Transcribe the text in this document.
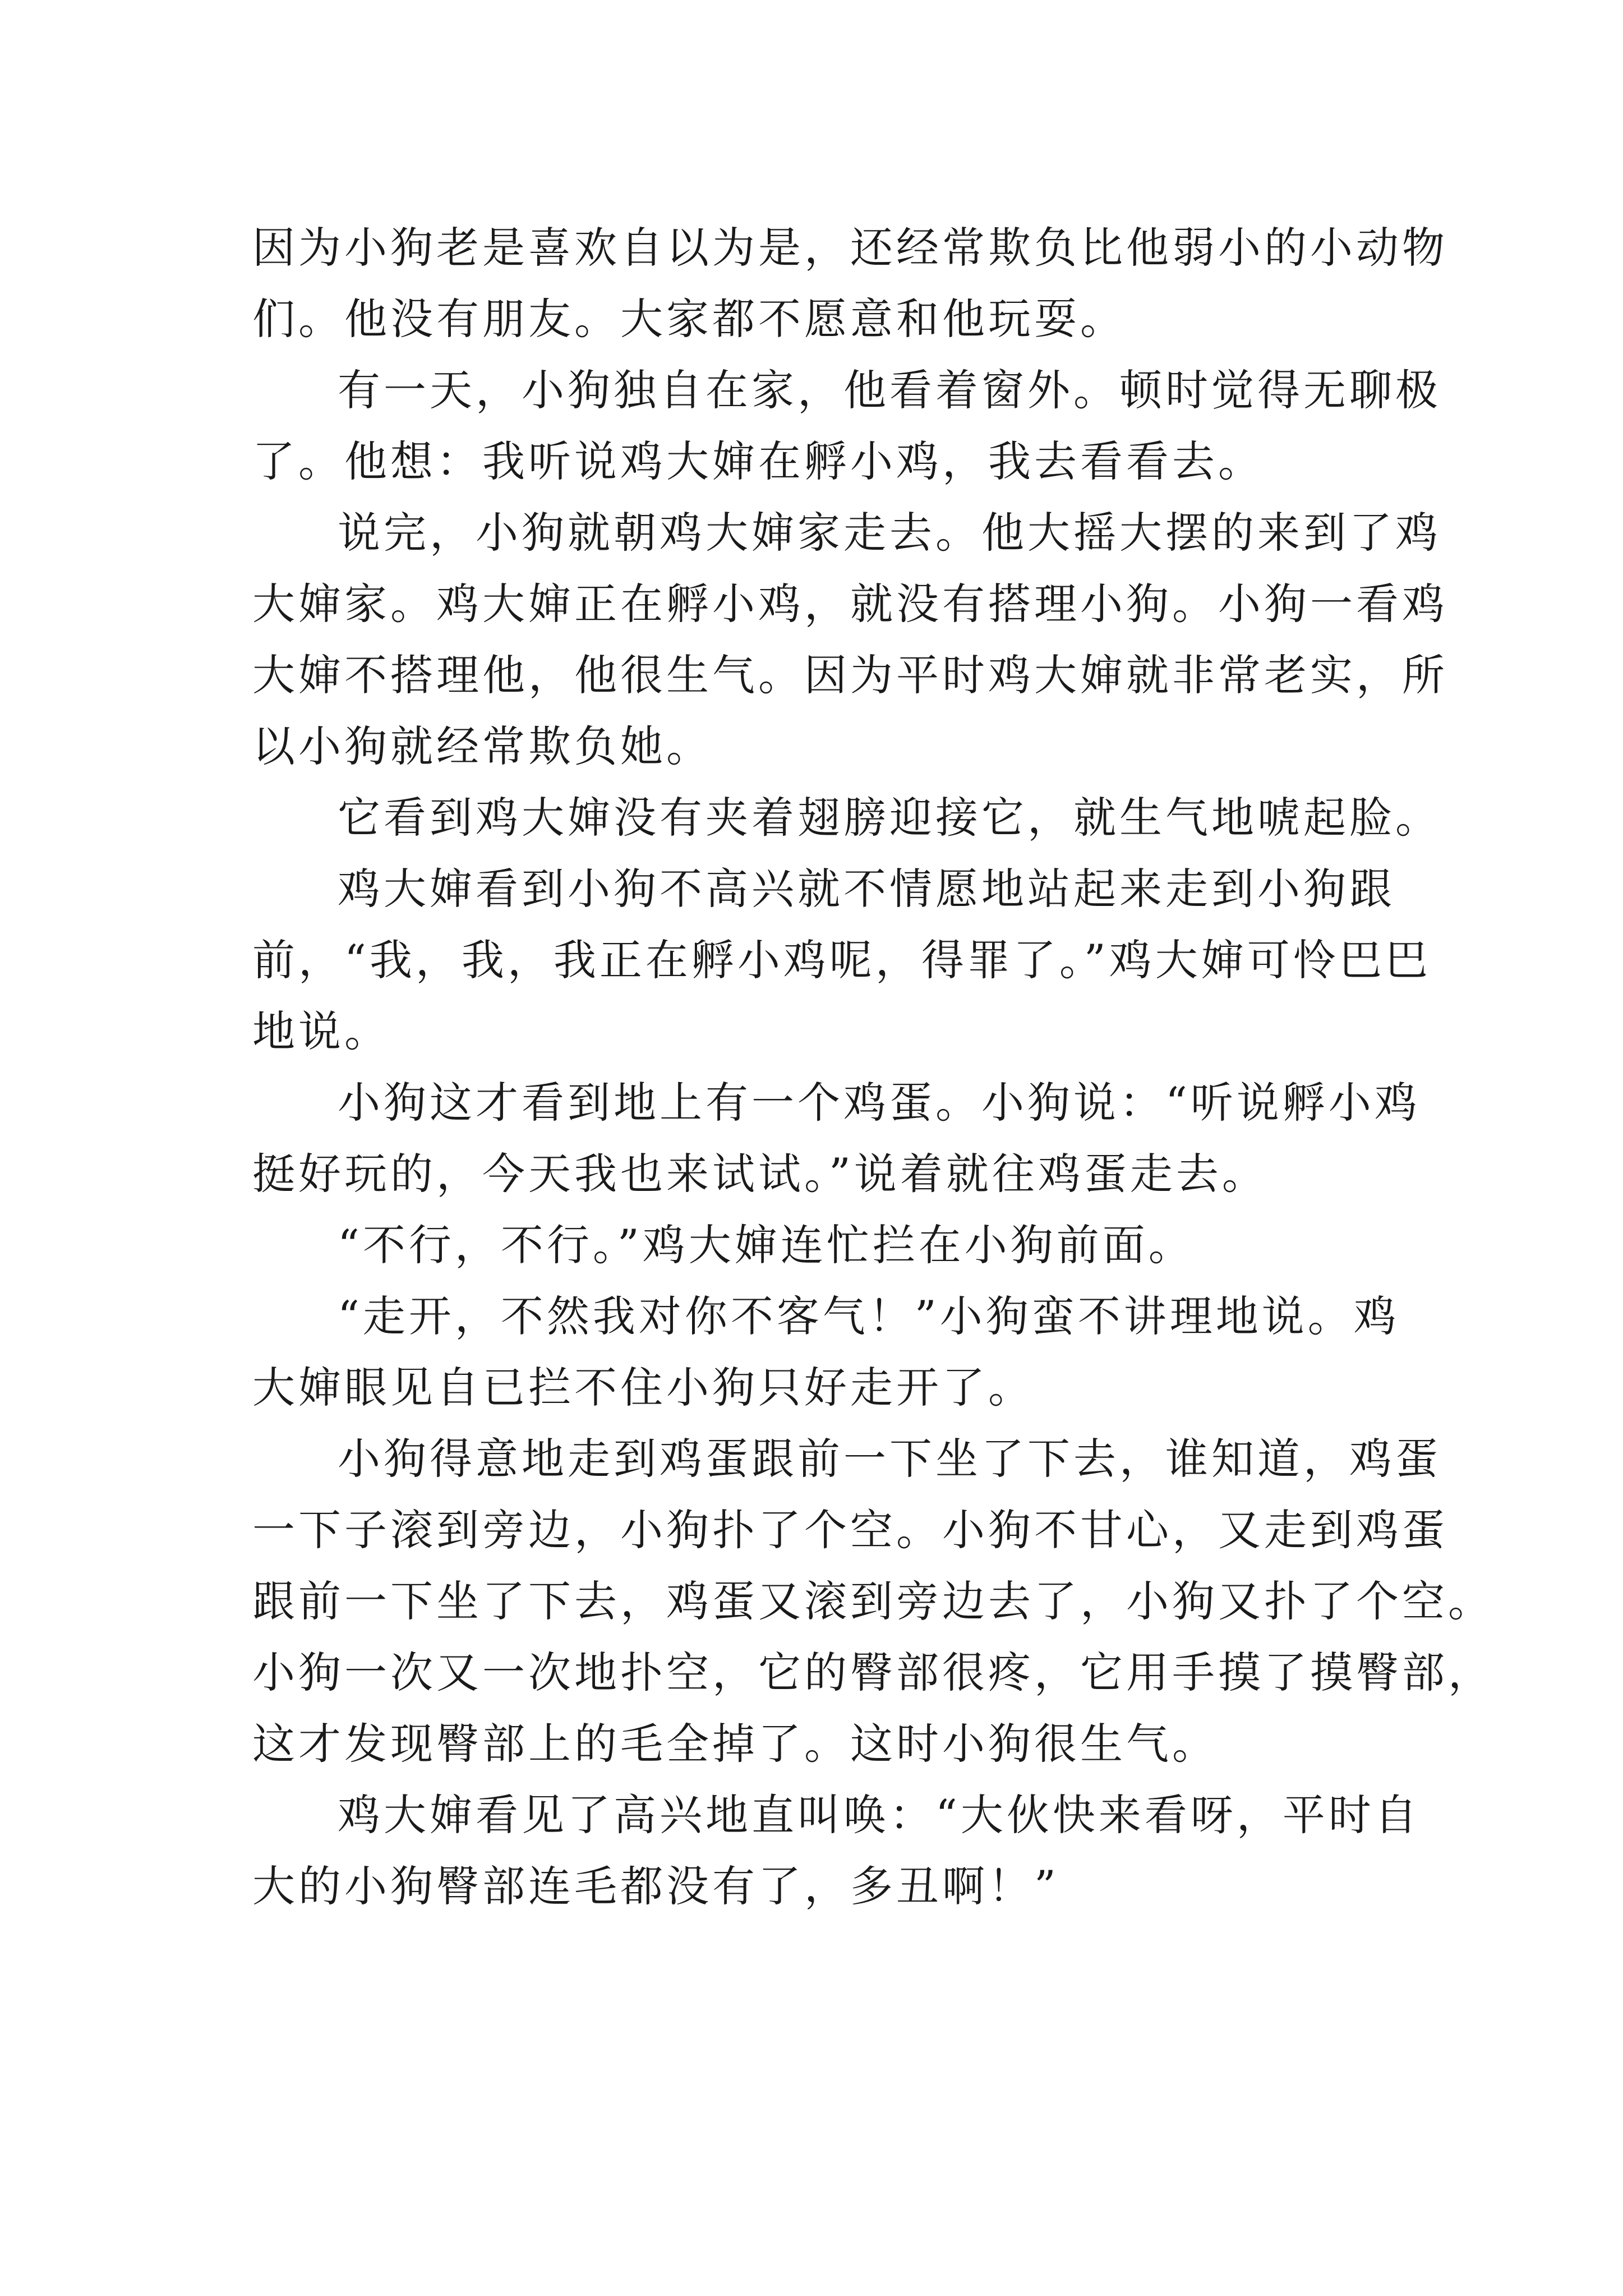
因为小狗老是喜欢自以为是，还经常欺负比他弱小的小动物
们。他没有朋友。大家都不愿意和他玩耍。
有一天，小狗独自在家，他看着窗外。顿时觉得无聊极
了。他想：我听说鸡大婶在孵小鸡，我去看看去。
说完，小狗就朝鸡大婶家走去。他大摇大摆的来到了鸡
大婶家。鸡大婶正在孵小鸡，就没有搭理小狗。小狗一看鸡
大婶不搭理他，他很生气。因为平时鸡大婶就非常老实，所
以小狗就经常欺负她。
它看到鸡大婶没有夹着翅膀迎接它，就生气地唬起脸。
鸡大婶看到小狗不高兴就不情愿地站起来走到小狗跟
前，“我，我，我正在孵小鸡呢，得罪了。”鸡大婶可怜巴巴
地说。
小狗这才看到地上有一个鸡蛋。小狗说：“听说孵小鸡
挺好玩的，今天我也来试试。”说着就往鸡蛋走去。
“不行，不行。”鸡大婶连忙拦在小狗前面。
“走开，不然我对你不客气！”小狗蛮不讲理地说。鸡
大婶眼见自已拦不住小狗只好走开了。
小狗得意地走到鸡蛋跟前一下坐了下去，谁知道，鸡蛋
一下子滚到旁边，小狗扑了个空。小狗不甘心，又走到鸡蛋
跟前一下坐了下去，鸡蛋又滚到旁边去了，小狗又扑了个空。
小狗一次又一次地扑空，它的臀部很疼，它用手摸了摸臀部，
这才发现臀部上的毛全掉了。这时小狗很生气。
鸡大婶看见了高兴地直叫唤：“大伙快来看呀，平时自
大的小狗臀部连毛都没有了，多丑啊！”
